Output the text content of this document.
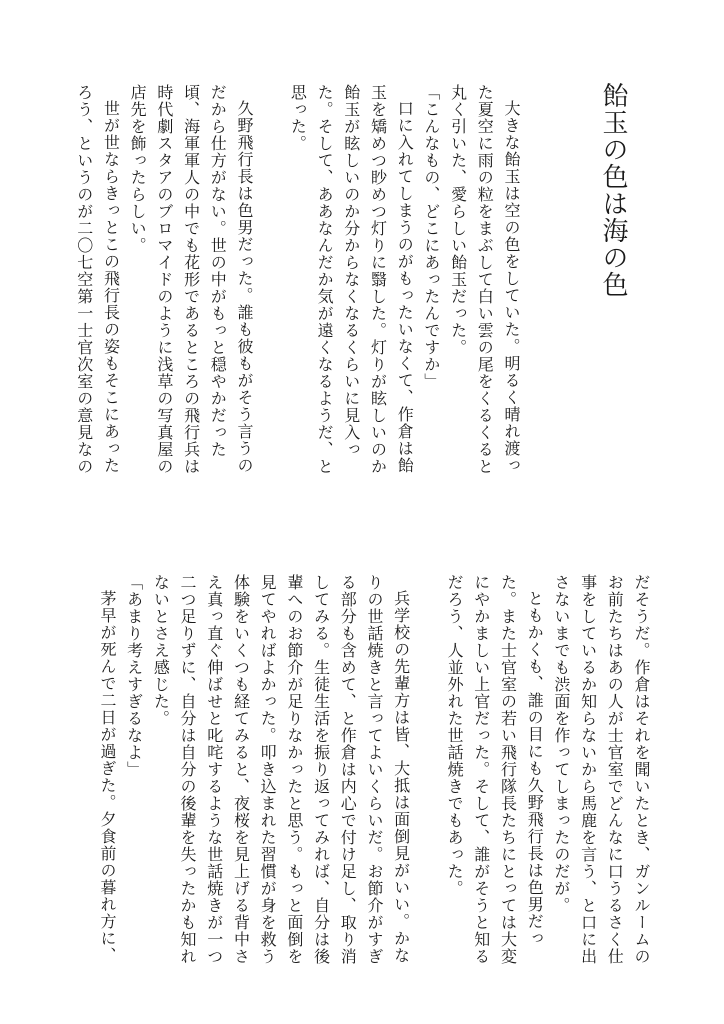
飴玉の色は海の色

大きな飴玉は空の色をしていた。明るく晴れ渡った夏空に雨の粒をまぶして白い雲の尾をくるくると丸く引いた、愛らしい飴玉だった。

「こんなもの、どこにあったんですか」

口に入れてしまうのがもったいなくて、作倉は飴玉を矯めつ眇めつ灯りに翳した。灯りが眩しいのか飴玉が眩しいのか分からなくなるくらいに見入った。そして、ああなんだか気が遠くなるようだ、と思った。

久野飛行長は色男だった。誰も彼もがそう言うのだから仕方がない。世の中がもっと穏やかだった頃、海軍軍人の中でも花形であるところの飛行兵は時代劇スタアのブロマイドのように浅草の写真屋の店先を飾ったらしい。

世が世ならきっとこの飛行長の姿もそこにあったろう、というのが二〇七空第一士官次室の意見なの

だそうだ。作倉はそれを聞いたとき、ガンルームのお前たちはあの人が士官室でどんなに口うるさく仕事をしているか知らないから馬鹿を言う、と口に出さないまでも渋面を作ってしまったのだが。

ともかくも、誰の目にも久野飛行長は色男だった。また士官室の若い飛行隊長たちにとっては大変にやかましい上官だった。そして、誰がそうと知るだろう、人並外れた世話焼きでもあった。

兵学校の先輩方は皆、大抵は面倒見がいい。かなりの世話焼きと言ってよいくらいだ。お節介がすぎる部分も含めて、と作倉は内心で付け足し、取り消してみる。生徒生活を振り返ってみれば、自分は後輩へのお節介が足りなかったと思う。もっと面倒を見てやればよかった。叩き込まれた習慣が身を救う体験をいくつも経てみると、夜桜を見上げる背中さえ真っ直ぐ伸ばせと叱咤するような世話焼きが一つ二つ足りずに、自分は自分の後輩を失ったかも知れないとさえ感じた。

「あまり考えすぎるなよ」

茅早が死んで二日が過ぎた。夕食前の暮れ方に、
